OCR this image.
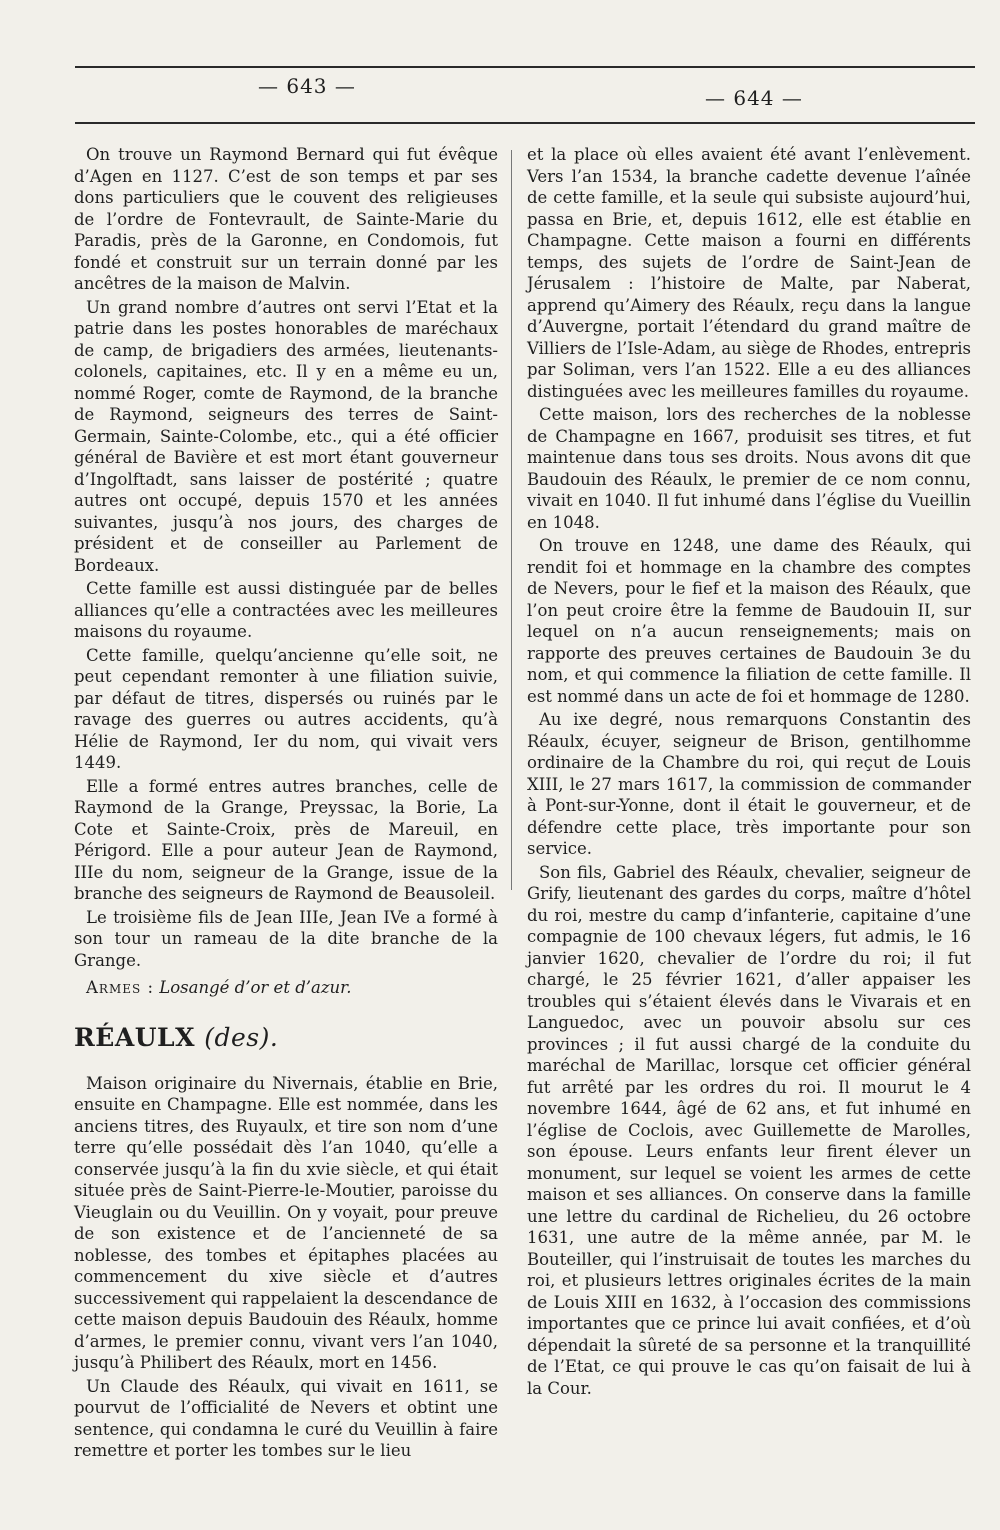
— 643 —	— 644 —

On trouve un Raymond Bernard qui fut évêque d’Agen en 1127. C’est de son temps et par ses dons particuliers que le couvent des religieuses de l’ordre de Fontevrault, de Sainte-Marie du Paradis, près de la Garonne, en Condomois, fut fondé et construit sur un terrain donné par les ancêtres de la maison de Malvin.

Un grand nombre d’autres ont servi l’Etat et la patrie dans les postes honorables de maréchaux de camp, de brigadiers des armées, lieutenants-colonels, capitaines, etc. Il y en a même eu un, nommé Roger, comte de Raymond, de la branche de Raymond, seigneurs des terres de Saint-Germain, Sainte-Colombe, etc., qui a été officier général de Bavière et est mort étant gouverneur d’Ingolftadt, sans laisser de postérité ; quatre autres ont occupé, depuis 1570 et les années suivantes, jusqu’à nos jours, des charges de président et de conseiller au Parlement de Bordeaux.

Cette famille est aussi distinguée par de belles alliances qu’elle a contractées avec les meilleures maisons du royaume.

Cette famille, quelqu’ancienne qu’elle soit, ne peut cependant remonter à une filiation suivie, par défaut de titres, dispersés ou ruinés par le ravage des guerres ou autres accidents, qu’à Hélie de Raymond, Ier du nom, qui vivait vers 1449.

Elle a formé entres autres branches, celle de Raymond de la Grange, Preyssac, la Borie, La Cote et Sainte-Croix, près de Mareuil, en Périgord. Elle a pour auteur Jean de Raymond, IIIe du nom, seigneur de la Grange, issue de la branche des seigneurs de Raymond de Beausoleil.

Le troisième fils de Jean IIIe, Jean IVe a formé à son tour un rameau de la dite branche de la Grange.

Armes : Losangé d’or et d’azur.
RÉAULX (des).

Maison originaire du Nivernais, établie en Brie, ensuite en Champagne. Elle est nommée, dans les anciens titres, des Ruyaulx, et tire son nom d’une terre qu’elle possédait dès l’an 1040, qu’elle a conservée jusqu’à la fin du xvie siècle, et qui était située près de Saint-Pierre-le-Moutier, paroisse du Vieuglain ou du Veuillin. On y voyait, pour preuve de son existence et de l’ancienneté de sa noblesse, des tombes et épitaphes placées au commencement du xive siècle et d’autres successivement qui rappelaient la descendance de cette maison depuis Baudouin des Réaulx, homme d’armes, le premier connu, vivant vers l’an 1040, jusqu’à Philibert des Réaulx, mort en 1456.

Un Claude des Réaulx, qui vivait en 1611, se pourvut de l’officialité de Nevers et obtint une sentence, qui condamna le curé du Veuillin à faire remettre et porter les tombes sur le lieu

et la place où elles avaient été avant l’enlèvement. Vers l’an 1534, la branche cadette devenue l’aînée de cette famille, et la seule qui subsiste aujourd’hui, passa en Brie, et, depuis 1612, elle est établie en Champagne. Cette maison a fourni en différents temps, des sujets de l’ordre de Saint-Jean de Jérusalem : l’histoire de Malte, par Naberat, apprend qu’Aimery des Réaulx, reçu dans la langue d’Auvergne, portait l’étendard du grand maître de Villiers de l’Isle-Adam, au siège de Rhodes, entrepris par Soliman, vers l’an 1522. Elle a eu des alliances distinguées avec les meilleures familles du royaume.

Cette maison, lors des recherches de la noblesse de Champagne en 1667, produisit ses titres, et fut maintenue dans tous ses droits. Nous avons dit que Baudouin des Réaulx, le premier de ce nom connu, vivait en 1040. Il fut inhumé dans l’église du Vueillin en 1048.

On trouve en 1248, une dame des Réaulx, qui rendit foi et hommage en la chambre des comptes de Nevers, pour le fief et la maison des Réaulx, que l’on peut croire être la femme de Baudouin II, sur lequel on n’a aucun renseignements; mais on rapporte des preuves certaines de Baudouin 3e du nom, et qui commence la filiation de cette famille. Il est nommé dans un acte de foi et hommage de 1280.

Au ixe degré, nous remarquons Constantin des Réaulx, écuyer, seigneur de Brison, gentilhomme ordinaire de la Chambre du roi, qui reçut de Louis XIII, le 27 mars 1617, la commission de commander à Pont-sur-Yonne, dont il était le gouverneur, et de défendre cette place, très importante pour son service.

Son fils, Gabriel des Réaulx, chevalier, seigneur de Grify, lieutenant des gardes du corps, maître d’hôtel du roi, mestre du camp d’infanterie, capitaine d’une compagnie de 100 chevaux légers, fut admis, le 16 janvier 1620, chevalier de l’ordre du roi; il fut chargé, le 25 février 1621, d’aller appaiser les troubles qui s’étaient élevés dans le Vivarais et en Languedoc, avec un pouvoir absolu sur ces provinces ; il fut aussi chargé de la conduite du maréchal de Marillac, lorsque cet officier général fut arrêté par les ordres du roi. Il mourut le 4 novembre 1644, âgé de 62 ans, et fut inhumé en l’église de Coclois, avec Guillemette de Marolles, son épouse. Leurs enfants leur firent élever un monument, sur lequel se voient les armes de cette maison et ses alliances. On conserve dans la famille une lettre du cardinal de Richelieu, du 26 octobre 1631, une autre de la même année, par M. le Bouteiller, qui l’instruisait de toutes les marches du roi, et plusieurs lettres originales écrites de la main de Louis XIII en 1632, à l’occasion des commissions importantes que ce prince lui avait confiées, et d’où dépendait la sûreté de sa personne et la tranquillité de l’Etat, ce qui prouve le cas qu’on faisait de lui à la Cour.
